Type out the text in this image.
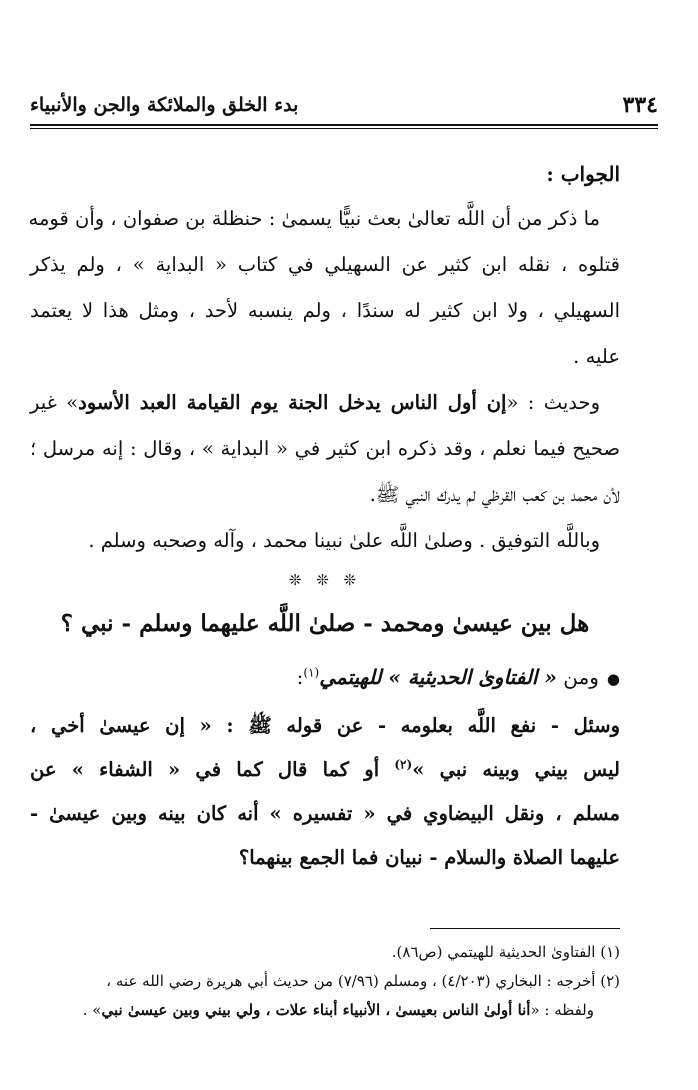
٣٣٤
بدء الخلق والملائكة والجن والأنبياء

الجواب :

ما ذكر من أن اللَّه تعالىٰ بعث نبيًّا يسمىٰ : حنظلة بن صفوان ، وأن قومه

قتلوه ، نقله ابن كثير عن السهيلي في كتاب « البداية » ، ولم يذكر

السهيلي ، ولا ابن كثير له سندًا ، ولم ينسبه لأحد ، ومثل هذا لا يعتمد

عليه .

وحديث : «إن أول الناس يدخل الجنة يوم القيامة العبد الأسود» غير

صحيح فيما نعلم ، وقد ذكره ابن كثير في « البداية » ، وقال : إنه مرسل ؛

لأن محمد بن كعب القرظي لم يدرك النبي ﷺ.

وباللَّه التوفيق . وصلىٰ اللَّه علىٰ نبينا محمد ، وآله وصحبه وسلم .

❊ ❊ ❊

هل بين عيسىٰ ومحمد - صلىٰ اللَّه عليهما وسلم - نبي ؟

●ومن « الفتاوىٰ الحديثية » للهيتمي$^{(١)}$:

وسئل - نفع اللَّه بعلومه - عن قوله ﷺ : « إن عيسىٰ أخي ،

ليس بيني وبينه نبي »$^{(٢)}$ أو كما قال كما في « الشفاء » عن

مسلم ، ونقل البيضاوي في « تفسيره » أنه كان بينه وبين عيسىٰ -

عليهما الصلاة والسلام - نبيان فما الجمع بينهما؟

(١) الفتاوىٰ الحديثية للهيتمي (ص٨٦).

(٢) أخرجه : البخاري (٤/٢٠٣) ، ومسلم (٧/٩٦) من حديث أبي هريرة رضي الله عنه ،

ولفظه : «أنا أولىٰ الناس بعيسىٰ ، الأنبياء أبناء علات ، ولي بيني وبين عيسىٰ نبي» .
